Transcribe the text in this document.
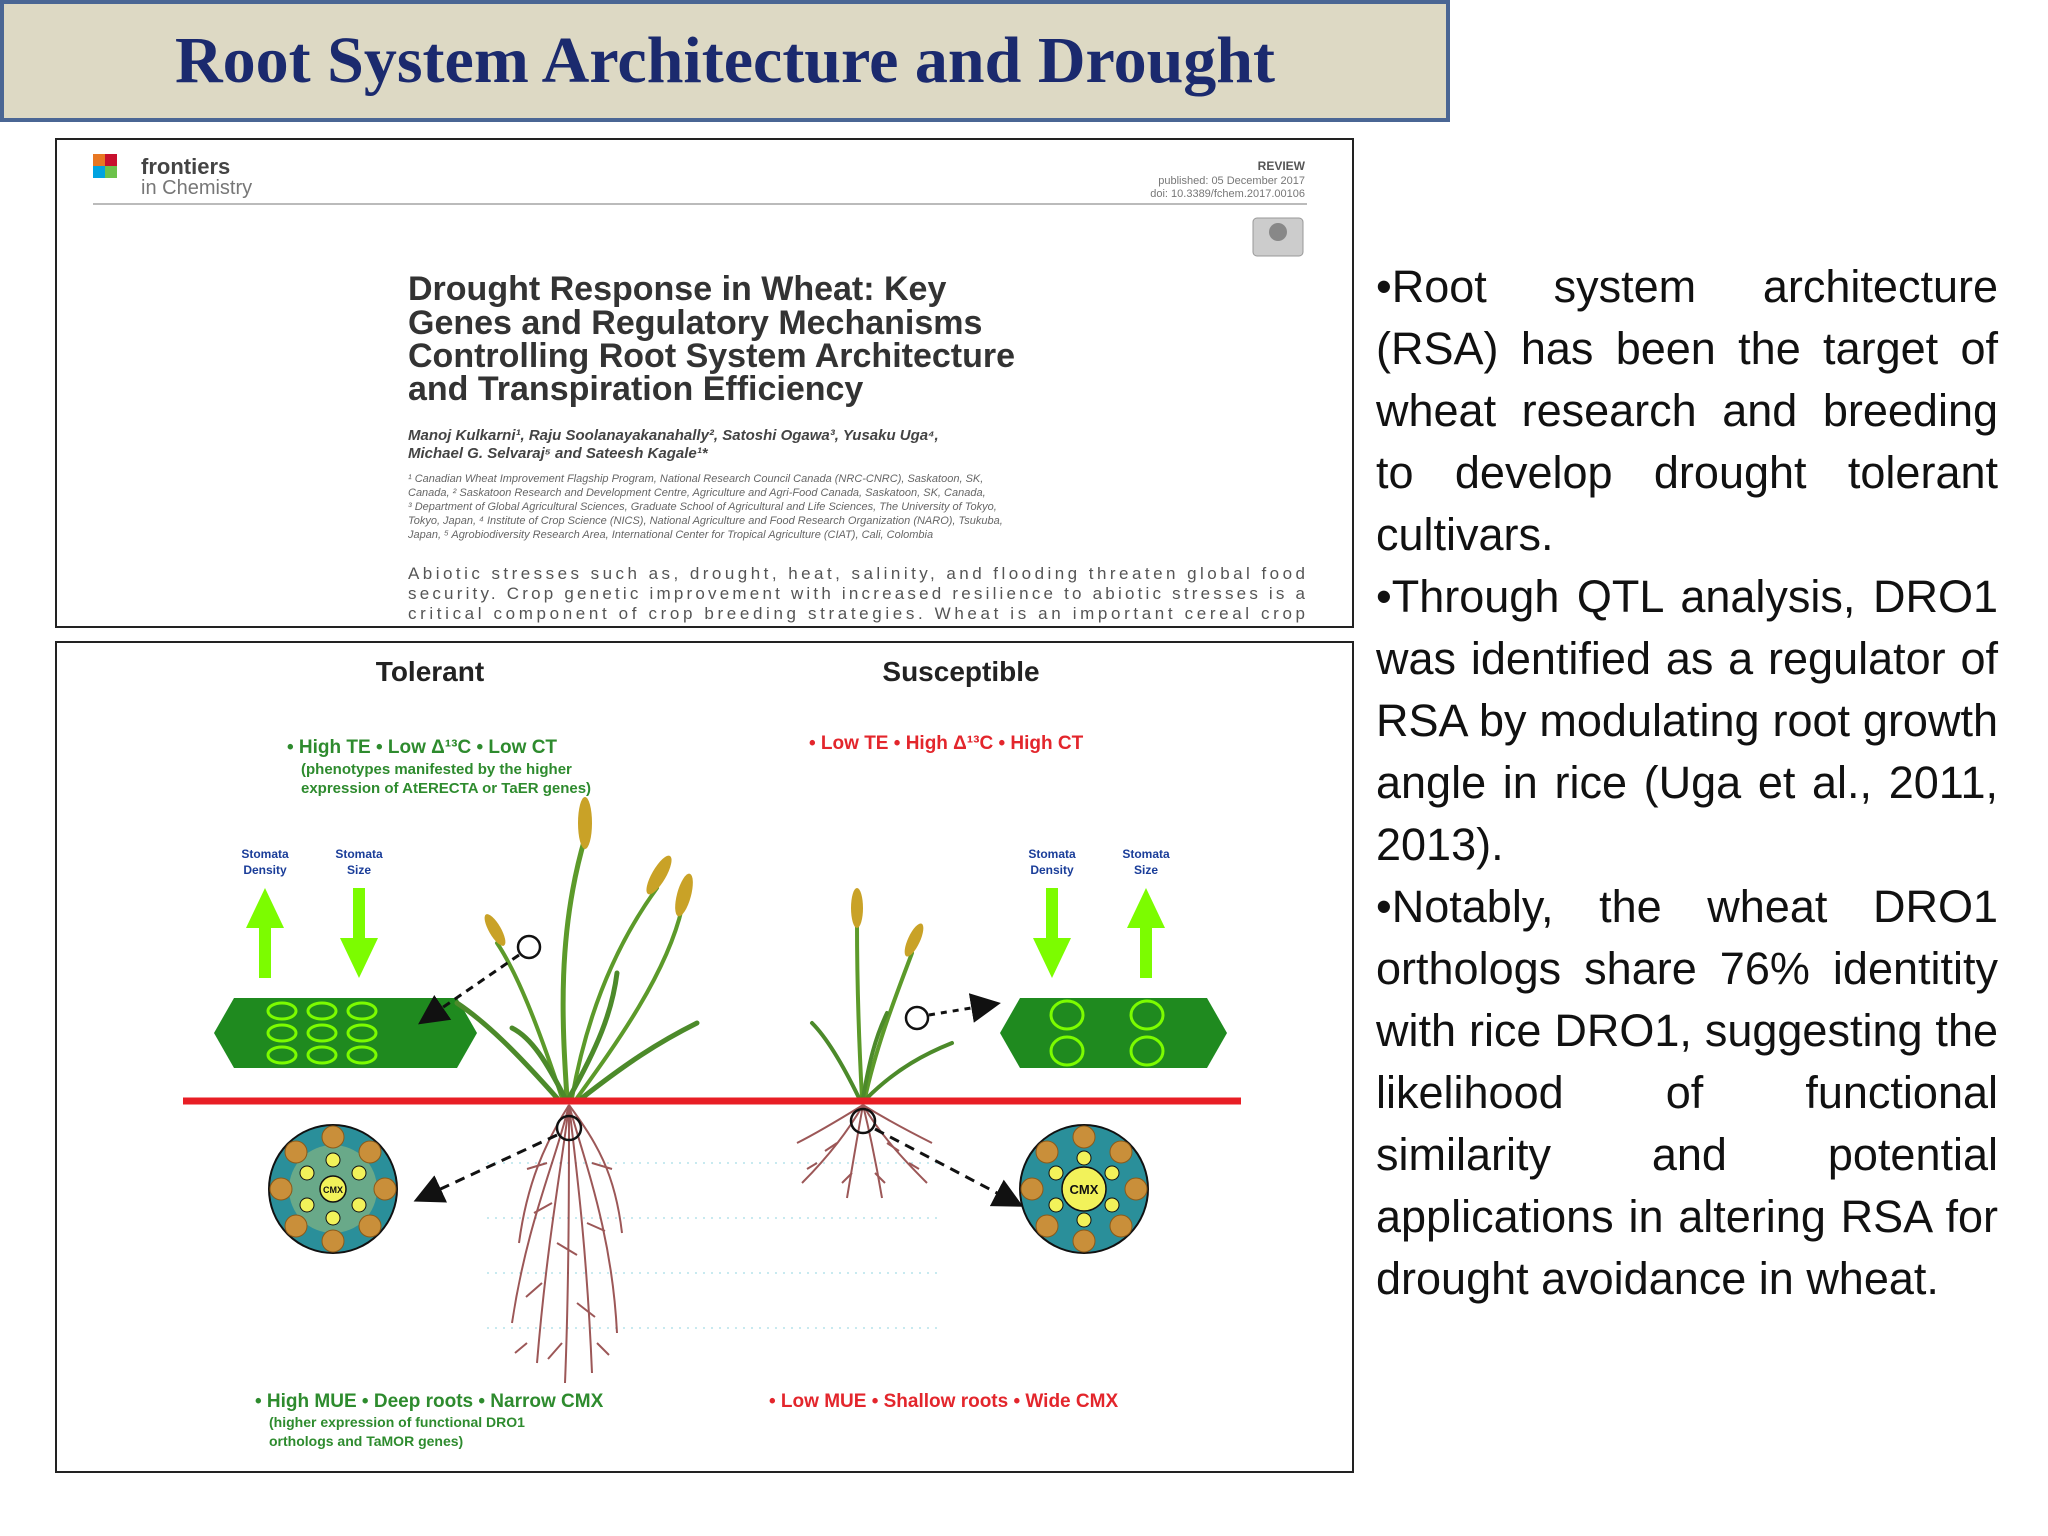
Root System Architecture and Drought
frontiers
in Chemistry
REVIEW
published: 05 December 2017
doi: 10.3389/fchem.2017.00106
Drought Response in Wheat: Key
Genes and Regulatory Mechanisms
Controlling Root System Architecture
and Transpiration Efficiency
Manoj Kulkarni¹, Raju Soolanayakanahally², Satoshi Ogawa³, Yusaku Uga⁴,
Michael G. Selvaraj⁵ and Sateesh Kagale¹*
¹ Canadian Wheat Improvement Flagship Program, National Research Council Canada (NRC-CNRC), Saskatoon, SK,
Canada, ² Saskatoon Research and Development Centre, Agriculture and Agri-Food Canada, Saskatoon, SK, Canada,
³ Department of Global Agricultural Sciences, Graduate School of Agricultural and Life Sciences, The University of Tokyo,
Tokyo, Japan, ⁴ Institute of Crop Science (NICS), National Agriculture and Food Research Organization (NARO), Tsukuba,
Japan, ⁵ Agrobiodiversity Research Area, International Center for Tropical Agriculture (CIAT), Cali, Colombia
Abiotic stresses such as, drought, heat, salinity, and flooding threaten global food
security. Crop genetic improvement with increased resilience to abiotic stresses is a
critical component of crop breeding strategies. Wheat is an important cereal crop
Tolerant	Susceptible
• High TE • Low Δ¹³C • Low CT
(phenotypes manifested by the higher
expression of AtERECTA or TaER genes)
• Low TE • High Δ¹³C • High CT
Stomata
Density
Stomata
Size
Stomata
Density
Stomata
Size
CMX	CMX
• High MUE • Deep roots • Narrow CMX
(higher expression of functional DRO1
orthologs and TaMOR genes)
• Low MUE • Shallow roots • Wide CMX

•Root system architecture (RSA) has been the target of wheat research and breeding to develop drought tolerant cultivars.

•Through QTL analysis, DRO1 was identified as a regulator of RSA by modulating root growth angle in rice (Uga et al., 2011, 2013).

•Notably, the wheat DRO1 orthologs share 76% identitity with rice DRO1, suggesting the likelihood of functional similarity and potential applications in altering RSA for drought avoidance in wheat.
